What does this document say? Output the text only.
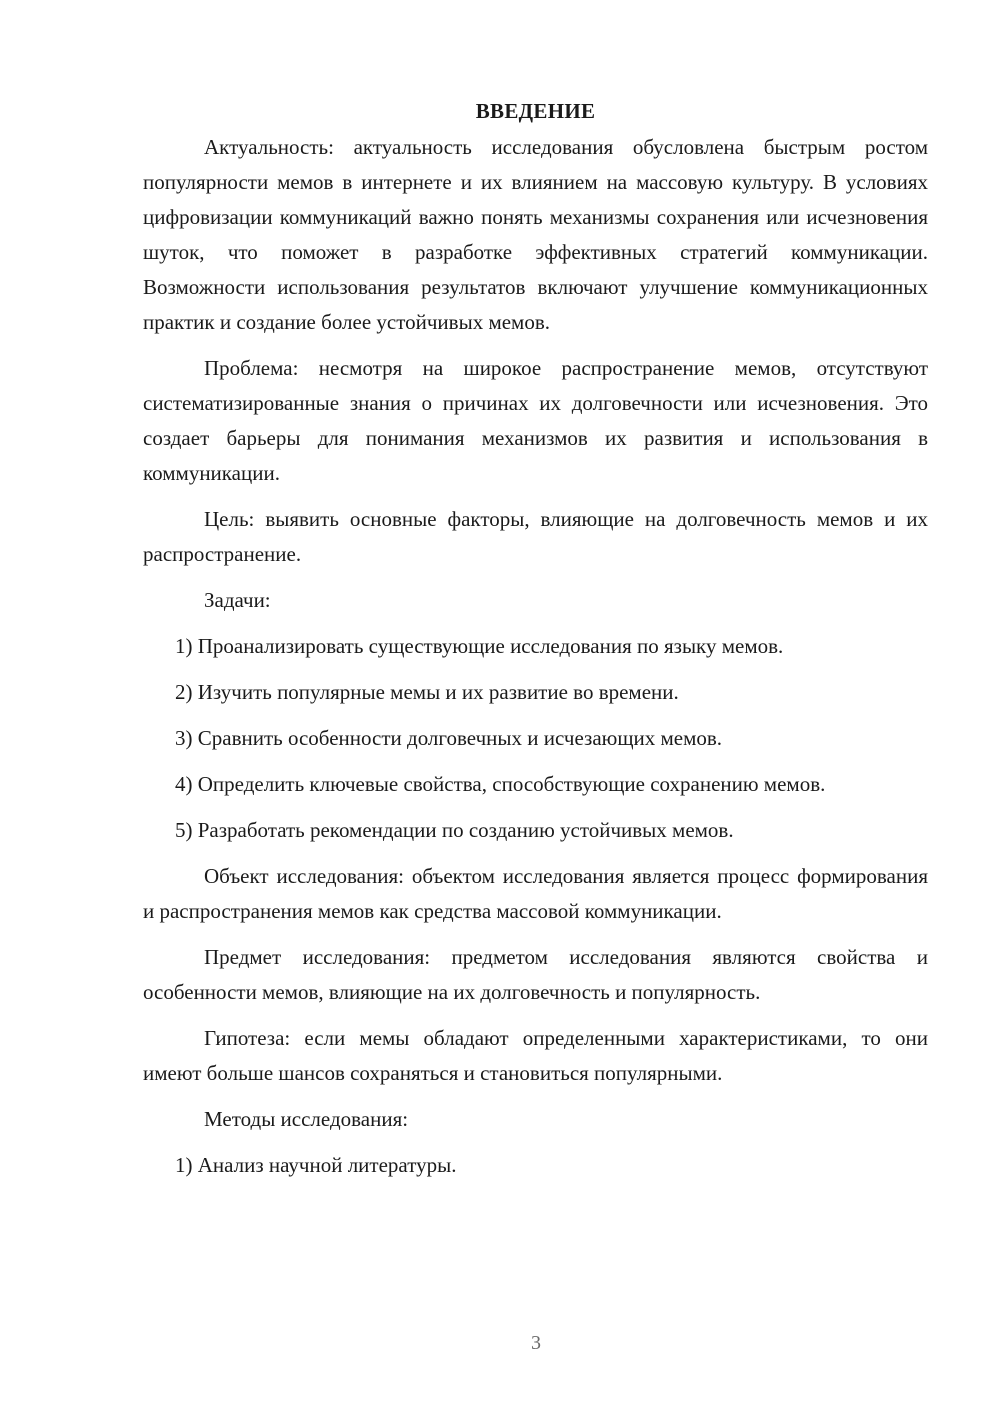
ВВЕДЕНИЕ

Актуальность: актуальность исследования обусловлена быстрым ростом популярности мемов в интернете и их влиянием на массовую культуру. В условиях цифровизации коммуникаций важно понять механизмы сохранения или исчезновения шуток, что поможет в разработке эффективных стратегий коммуникации. Возможности использования результатов включают улучшение коммуникационных практик и создание более устойчивых мемов.

Проблема: несмотря на широкое распространение мемов, отсутствуют систематизированные знания о причинах их долговечности или исчезновения. Это создает барьеры для понимания механизмов их развития и использования в коммуникации.

Цель: выявить основные факторы, влияющие на долговечность мемов и их распространение.

Задачи:

1) Проанализировать существующие исследования по языку мемов.

2) Изучить популярные мемы и их развитие во времени.

3) Сравнить особенности долговечных и исчезающих мемов.

4) Определить ключевые свойства, способствующие сохранению мемов.

5) Разработать рекомендации по созданию устойчивых мемов.

Объект исследования: объектом исследования является процесс формирования и распространения мемов как средства массовой коммуникации.

Предмет исследования: предметом исследования являются свойства и особенности мемов, влияющие на их долговечность и популярность.

Гипотеза: если мемы обладают определенными характеристиками, то они имеют больше шансов сохраняться и становиться популярными.

Методы исследования:

1) Анализ научной литературы.

3
